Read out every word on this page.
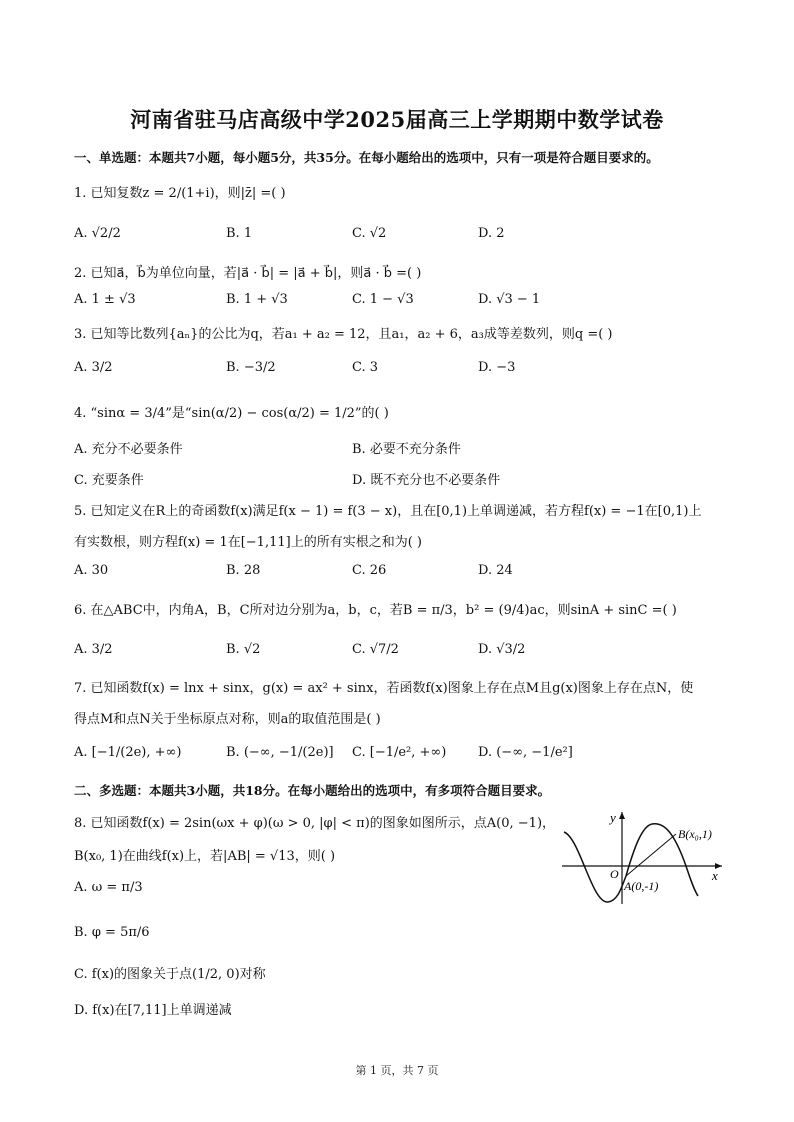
河南省驻马店高级中学2025届高三上学期期中数学试卷
一、单选题：本题共7小题，每小题5分，共35分。在每小题给出的选项中，只有一项是符合题目要求的。
1. 已知复数z = 2/(1+i)，则|z̄| =( )
A. √2/2	B. 1	C. √2	D. 2
2. 已知a⃗，b⃗为单位向量，若|a⃗ · b⃗| = |a⃗ + b⃗|，则a⃗ · b⃗ =( )
A. 1 ± √3	B. 1 + √3	C. 1 − √3	D. √3 − 1
3. 已知等比数列{aₙ}的公比为q，若a₁ + a₂ = 12，且a₁，a₂ + 6，a₃成等差数列，则q =( )
A. 3/2	B. −3/2	C. 3	D. −3
4. “sinα = 3/4”是“sin(α/2) − cos(α/2) = 1/2”的( )
A. 充分不必要条件	B. 必要不充分条件
C. 充要条件	D. 既不充分也不必要条件
5. 已知定义在R上的奇函数f(x)满足f(x − 1) = f(3 − x)，且在[0,1)上单调递减，若方程f(x) = −1在[0,1)上
有实数根，则方程f(x) = 1在[−1,11]上的所有实根之和为( )
A. 30	B. 28	C. 26	D. 24
6. 在△ABC中，内角A，B，C所对边分别为a，b，c，若B = π/3，b² = (9/4)ac，则sinA + sinC =( )
A. 3/2	B. √2	C. √7/2	D. √3/2
7. 已知函数f(x) = lnx + sinx，g(x) = ax² + sinx，若函数f(x)图象上存在点M且g(x)图象上存在点N，使
得点M和点N关于坐标原点对称，则a的取值范围是( )
A. [−1/(2e), +∞)	B. (−∞, −1/(2e)] C. [−1/e², +∞) D. (−∞, −1/e²]
二、多选题：本题共3小题，共18分。在每小题给出的选项中，有多项符合题目要求。
8. 已知函数f(x) = 2sin(ωx + φ)(ω > 0, |φ| < π)的图象如图所示，点A(0, −1)，
B(x₀, 1)在曲线f(x)上，若|AB| = √13，则( )
A. ω = π/3
B. φ = 5π/6
C. f(x)的图象关于点(1/2, 0)对称
D. f(x)在[7,11]上单调递减
y
x
O
A(0,-1)
B(x₀,1)
第 1 页，共 7 页
